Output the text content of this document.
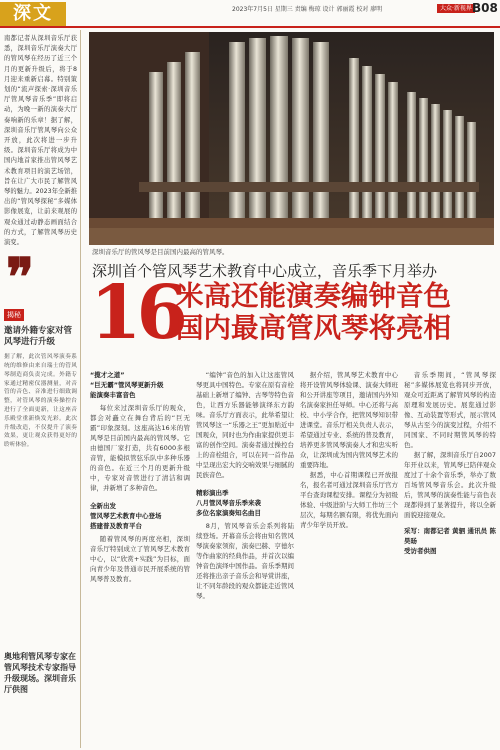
深文	2023年7月5日 星期三 责编 梅琼 设计 郭丽霞 校对 廖明	大众·新视界 B08
南都记者从深圳音乐厅获悉，深圳音乐厅演奏大厅的管风琴在经历了近三个月的更新升级后，将于8月迎来重新启幕。特别策划的“流声探索·深圳音乐厅管风琴音乐季”即将启动，为晚一新的演奏大厅奏响新的乐章！据了解，深圳音乐厅管风琴向公众开放，此次将进一步升级。深圳音乐厅将成为中国内地首家推出管风琴艺术教育项目的演艺场馆，旨在让广大市民了解管风琴的魅力。2023年全新推出的“管风琴探秘”多媒体影像展览，让前来观展的观众通过动静态画面结合的方式，了解管风琴历史演变。
❞
揭秘
邀请外籍专家对管风琴进行升级
据了解，此次管风琴演奏系统的维修由来自瑞士的管风琴制造商负责完成。外籍专家通过精密仪器测量，对音管的音色、音准进行细致调整，对管风琴的演奏操控台进行了全面更新，让这座音乐殿堂重新焕发光彩。此次升级改造，不仅提升了演奏效果，更让观众获得更好的聆听体验。
奥地利管风琴专家在管风琴技术专家指导升级现场。深圳音乐厅供图
深圳音乐厅的管风琴是目前国内最高的管风琴。
深圳首个管风琴艺术教育中心成立，音乐季下月举办
16
米高还能演奏编钟音色
国内最高管风琴将亮相
“揽才之道”
“巨无霸”管风琴更新升级
能演奏丰富音色

每位来过深圳音乐厅的观众，都会对矗立在舞台背后的“巨无霸”印象深刻。这座高达16米的管风琴是目前国内最高的管风琴。它由德国厂家打造，共有6000多根音管，能模拟管弦乐队中多种乐器的音色。在近三个月的更新升级中，专家对音管进行了清洁和调律，并新增了多种音色。

全新出发
管风琴艺术教育中心登场
搭建普及教育平台

随着管风琴的再度亮相，深圳音乐厅特别成立了管风琴艺术教育中心，以“欣赏+实践”为目标，面向青少年及普通市民开展系统的管风琴普及教育。

“编钟”音色的加入让这座管风琴更具中国特色。专家在原有音栓基础上新增了编钟、古琴等特色音色，让西方乐器能够演绎东方韵味。音乐厅方面表示，此举希望让管风琴这一“乐器之王”更加贴近中国观众，同时也为作曲家提供更丰富的创作空间。演奏者通过操控台上的音栓组合，可以在同一首作品中呈现出宏大的交响效果与细腻的民族音色。

精彩演出季
八月管风琴音乐季来袭
多位名家演奏知名曲目

8月，管风琴音乐会系列将陆续登场。开幕音乐会将由知名管风琴演奏家领衔，演奏巴赫、亨德尔等作曲家的经典作品，并首次以编钟音色演绎中国作品。音乐季期间还将推出亲子音乐会和导赏讲座，让不同年龄段的观众都能走近管风琴。

据介绍，管风琴艺术教育中心将开设管风琴体验课、演奏大师班和公开讲座等项目，邀请国内外知名演奏家担任导师。中心还将与高校、中小学合作，把管风琴知识带进课堂。音乐厅相关负责人表示，希望通过专业、系统的普及教育，培养更多管风琴演奏人才和忠实听众，让深圳成为国内管风琴艺术的重要阵地。

据悉，中心首期课程已开放报名，报名者可通过深圳音乐厅官方平台查询课程安排。课程分为初级体验、中级进阶与大师工作坊三个层次，每期名额有限，将优先面向青少年学员开放。

音乐季期间，“管风琴探秘”多媒体展览也将同步开放，观众可近距离了解管风琴的构造原理和发展历史。展览通过影像、互动装置等形式，展示管风琴从古至今的演变过程，介绍不同国家、不同时期管风琴的特色。

据了解，深圳音乐厅自2007年开业以来，管风琴已陪伴观众度过了十余个音乐季，举办了数百场管风琴音乐会。此次升级后，管风琴的演奏性能与音色表现都得到了显著提升，将以全新面貌迎接观众。

采写：南都记者 黄驷 通讯员 陈昊旸
受访者供图
